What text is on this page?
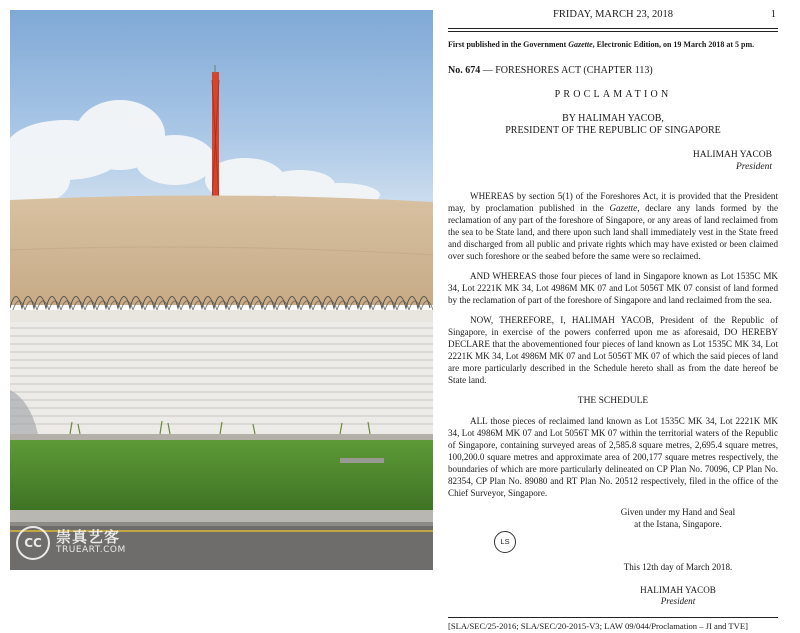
CC 崇真艺客
TRUEART.COM
FRIDAY, MARCH 23, 2018	1
First published in the Government Gazette, Electronic Edition, on 19 March 2018 at 5 pm.
No. 674 — FORESHORES ACT (CHAPTER 113)
PROCLAMATION
BY HALIMAH YACOB,
PRESIDENT OF THE REPUBLIC OF SINGAPORE
HALIMAH YACOB
President

WHEREAS by section 5(1) of the Foreshores Act, it is provided that the President may, by proclamation published in the Gazette, declare any lands formed by the reclamation of any part of the foreshore of Singapore, or any areas of land reclaimed from the sea to be State land, and there upon such land shall immediately vest in the State freed and discharged from all public and private rights which may have existed or been claimed over such foreshore or the seabed before the same were so reclaimed.

AND WHEREAS those four pieces of land in Singapore known as Lot 1535C MK 34, Lot 2221K MK 34, Lot 4986M MK 07 and Lot 5056T MK 07 consist of land formed by the reclamation of part of the foreshore of Singapore and land reclaimed from the sea.

NOW, THEREFORE, I, HALIMAH YACOB, President of the Republic of Singapore, in exercise of the powers conferred upon me as aforesaid, DO HEREBY DECLARE that the abovementioned four pieces of land known as Lot 1535C MK 34, Lot 2221K MK 34, Lot 4986M MK 07 and Lot 5056T MK 07 of which the said pieces of land are more particularly described in the Schedule hereto shall as from the date hereof be State land.

THE SCHEDULE

ALL those pieces of reclaimed land known as Lot 1535C MK 34, Lot 2221K MK 34, Lot 4986M MK 07 and Lot 5056T MK 07 within the territorial waters of the Republic of Singapore, containing surveyed areas of 2,585.8 square metres, 2,695.4 square metres, 100,200.0 square metres and approximate area of 200,177 square metres respectively, the boundaries of which are more particularly delineated on CP Plan No. 70096, CP Plan No. 82354, CP Plan No. 89080 and RT Plan No. 20512 respectively, filed in the office of the Chief Surveyor, Singapore.

Given under my Hand and Seal
at the Istana, Singapore.
LS
This 12th day of March 2018.
HALIMAH YACOB
President
[SLA/SEC/25-2016; SLA/SEC/20-2015-V3; LAW 09/044/Proclamation – JI and TVE]
